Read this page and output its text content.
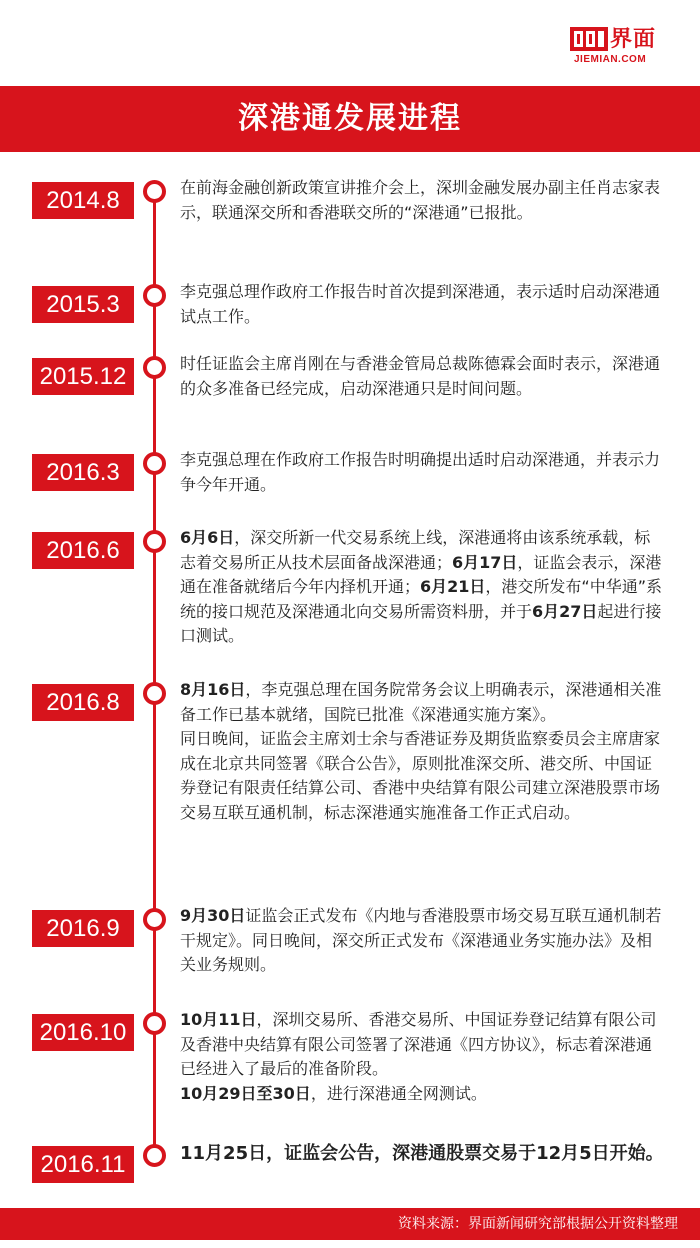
界面
JIEMIAN.COM
深港通发展进程
2014.8	在前海金融创新政策宣讲推介会上，深圳金融发展办副主任肖志家表示，联通深交所和香港联交所的“深港通”已报批。

2015.3	李克强总理作政府工作报告时首次提到深港通，表示适时启动深港通试点工作。

2015.12	时任证监会主席肖刚在与香港金管局总裁陈德霖会面时表示，深港通的众多准备已经完成，启动深港通只是时间问题。

2016.3	李克强总理在作政府工作报告时明确提出适时启动深港通，并表示力争今年开通。

2016.6	6月6日，深交所新一代交易系统上线，深港通将由该系统承载，标志着交易所正从技术层面备战深港通；6月17日，证监会表示，深港通在准备就绪后今年内择机开通；6月21日，港交所发布“中华通”系统的接口规范及深港通北向交易所需资料册，并于6月27日起进行接口测试。

2016.8	8月16日，李克强总理在国务院常务会议上明确表示，深港通相关准备工作已基本就绪，国院已批准《深港通实施方案》。

同日晚间，证监会主席刘士余与香港证券及期货监察委员会主席唐家成在北京共同签署《联合公告》，原则批准深交所、港交所、中国证券登记有限责任结算公司、香港中央结算有限公司建立深港股票市场交易互联互通机制，标志深港通实施准备工作正式启动。

2016.9	9月30日证监会正式发布《内地与香港股票市场交易互联互通机制若干规定》。同日晚间，深交所正式发布《深港通业务实施办法》及相关业务规则。

2016.10	10月11日，深圳交易所、香港交易所、中国证券登记结算有限公司及香港中央结算有限公司签署了深港通《四方协议》，标志着深港通已经进入了最后的准备阶段。

10月29日至30日，进行深港通全网测试。

2016.11	11月25日，证监会公告，深港通股票交易于12月5日开始。

资料来源：界面新闻研究部根据公开资料整理
